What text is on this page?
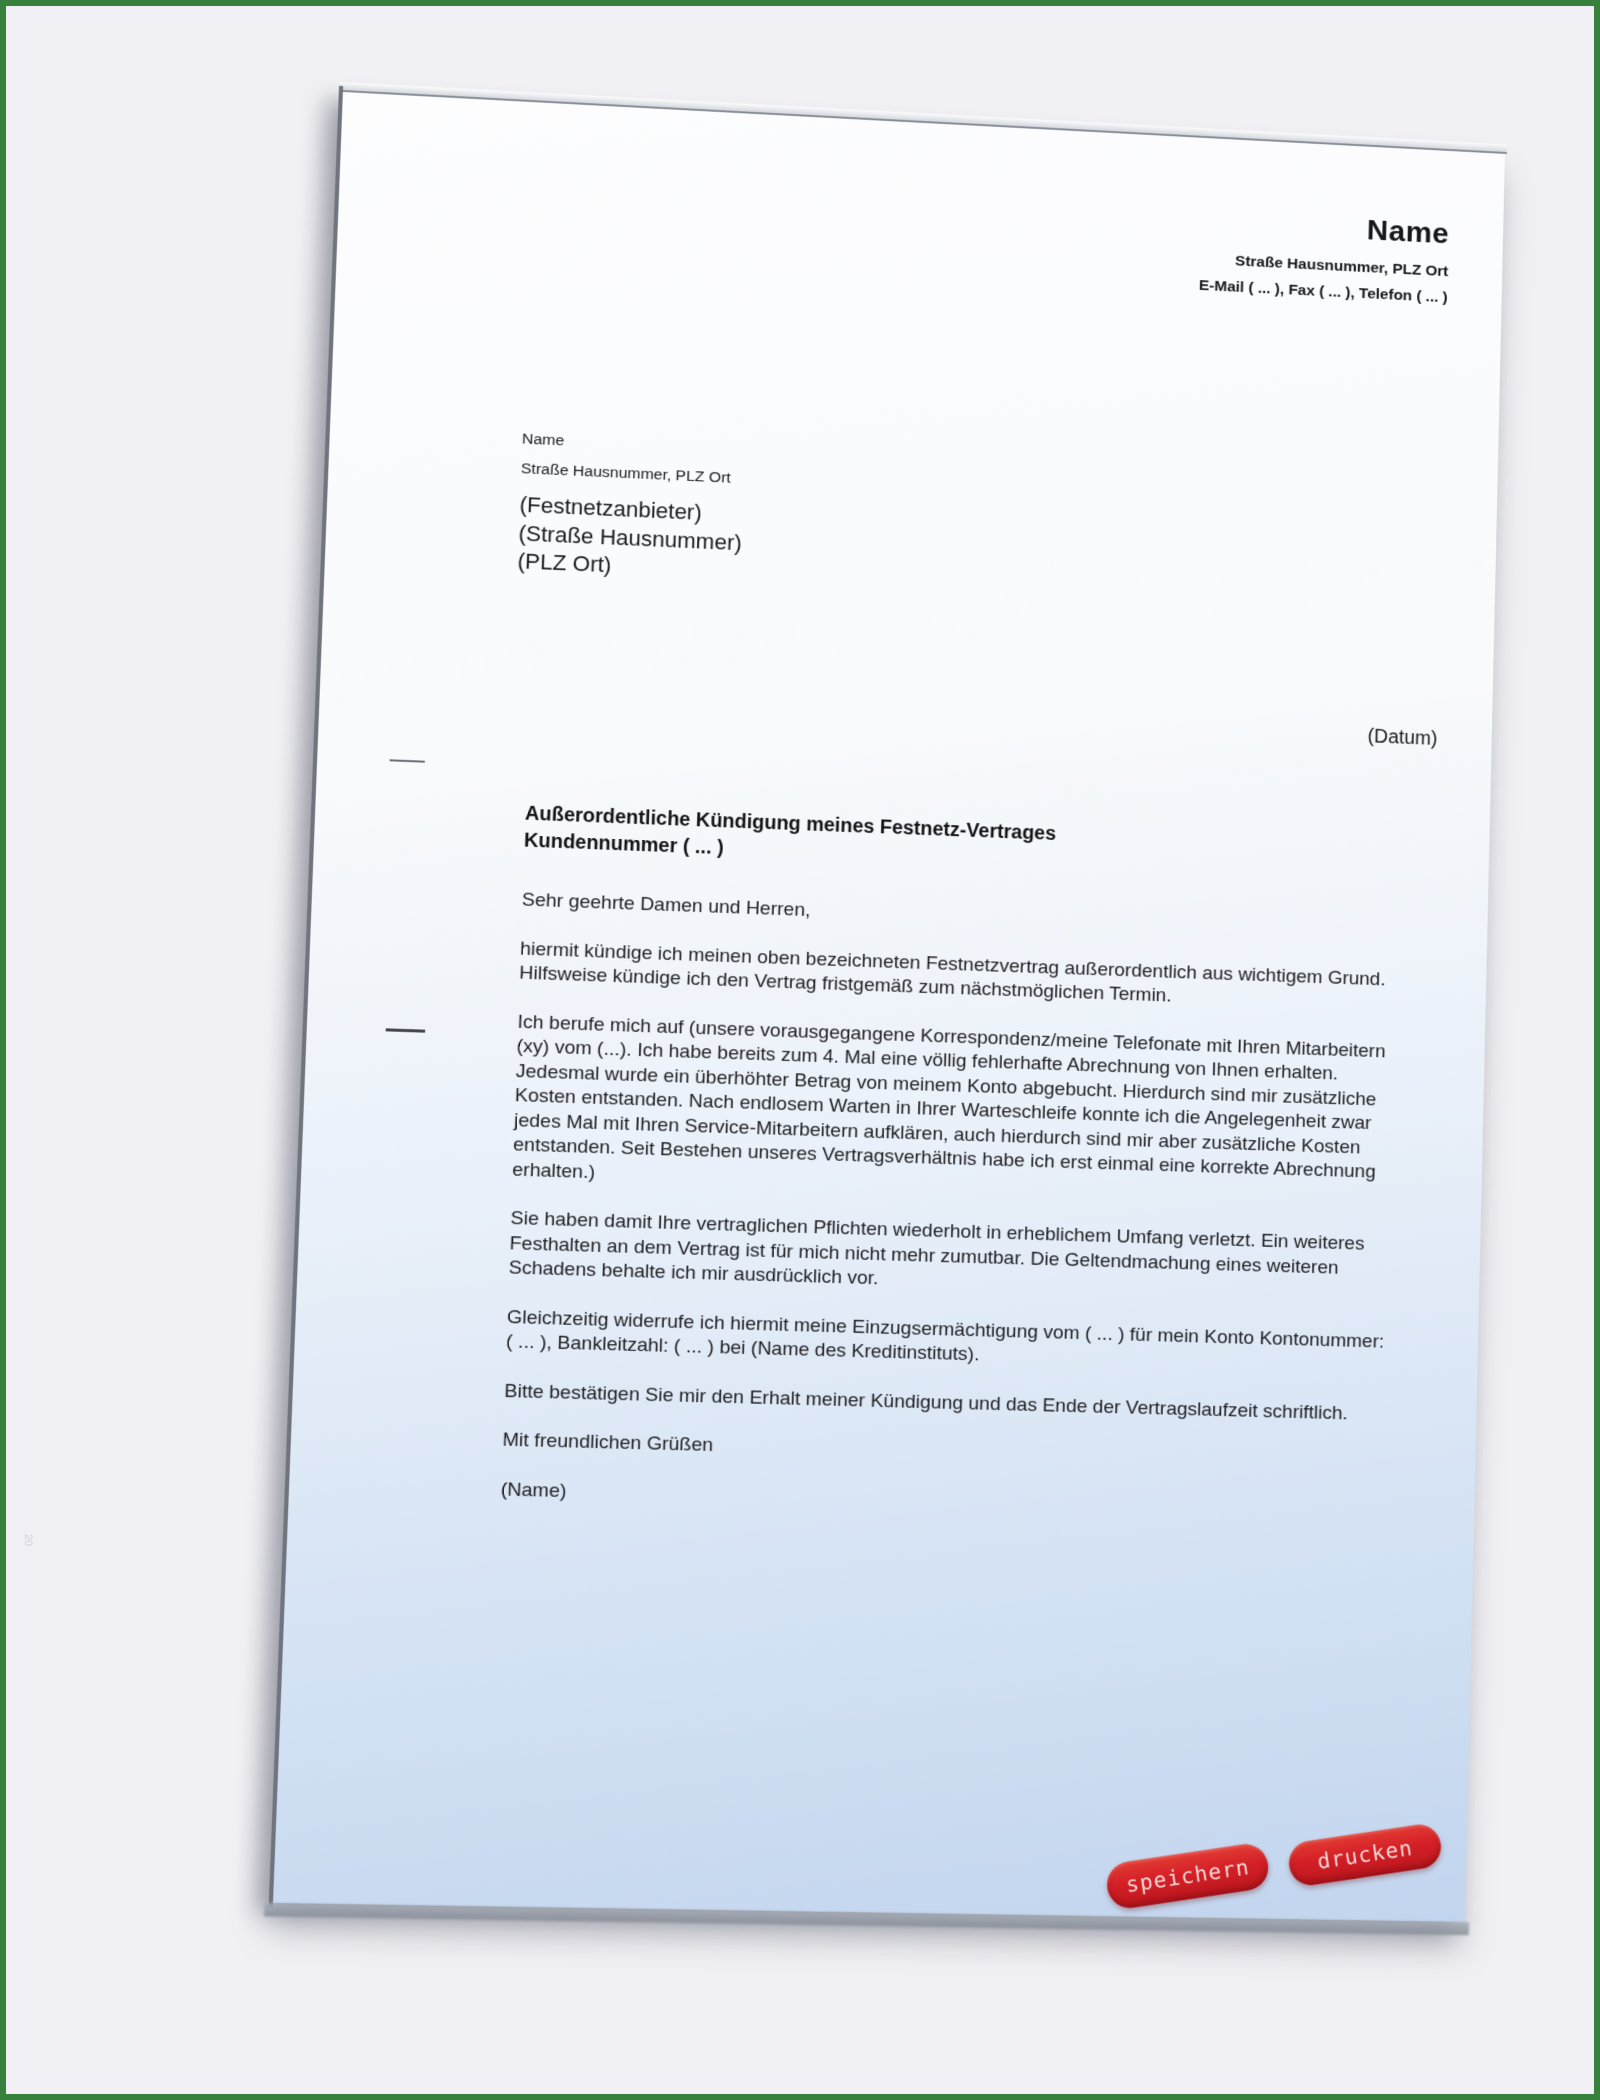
20
Name
Straße Hausnummer, PLZ Ort
E-Mail ( ... ), Fax ( ... ), Telefon ( ... )
Name
Straße Hausnummer, PLZ Ort
(Festnetzanbieter)
(Straße Hausnummer)
(PLZ Ort)
(Datum)
Außerordentliche Kündigung meines Festnetz-Vertrages
Kundennummer ( ... )

Sehr geehrte Damen und Herren,

hiermit kündige ich meinen oben bezeichneten Festnetzvertrag außerordentlich aus wichtigem Grund.
Hilfsweise kündige ich den Vertrag fristgemäß zum nächstmöglichen Termin.

Ich berufe mich auf (unsere vorausgegangene Korrespondenz/meine Telefonate mit Ihren Mitarbeitern
(xy) vom (...). Ich habe bereits zum 4. Mal eine völlig fehlerhafte Abrechnung von Ihnen erhalten.
Jedesmal wurde ein überhöhter Betrag von meinem Konto abgebucht. Hierdurch sind mir zusätzliche
Kosten entstanden. Nach endlosem Warten in Ihrer Warteschleife konnte ich die Angelegenheit zwar
jedes Mal mit Ihren Service-Mitarbeitern aufklären, auch hierdurch sind mir aber zusätzliche Kosten
entstanden. Seit Bestehen unseres Vertragsverhältnis habe ich erst einmal eine korrekte Abrechnung
erhalten.)

Sie haben damit Ihre vertraglichen Pflichten wiederholt in erheblichem Umfang verletzt. Ein weiteres
Festhalten an dem Vertrag ist für mich nicht mehr zumutbar. Die Geltendmachung eines weiteren
Schadens behalte ich mir ausdrücklich vor.

Gleichzeitig widerrufe ich hiermit meine Einzugsermächtigung vom ( ... ) für mein Konto Kontonummer:
( ... ), Bankleitzahl: ( ... ) bei (Name des Kreditinstituts).

Bitte bestätigen Sie mir den Erhalt meiner Kündigung und das Ende der Vertragslaufzeit schriftlich.

Mit freundlichen Grüßen

(Name)

speichern	drucken
